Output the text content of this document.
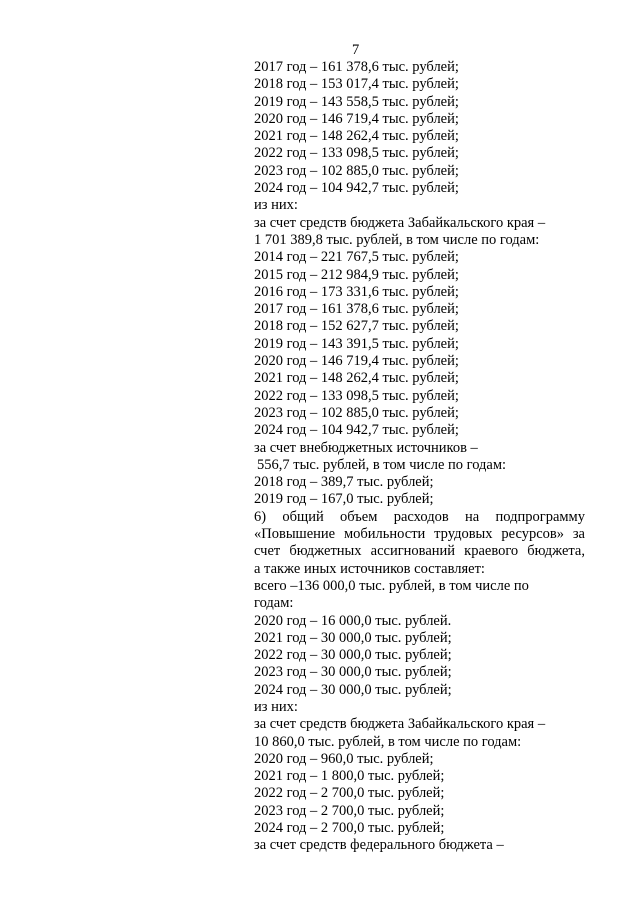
7
2017 год – 161 378,6 тыс. рублей;
2018 год – 153 017,4 тыс. рублей;
2019 год – 143 558,5 тыс. рублей;
2020 год – 146 719,4 тыс. рублей;
2021 год – 148 262,4 тыс. рублей;
2022 год – 133 098,5 тыс. рублей;
2023 год – 102 885,0 тыс. рублей;
2024 год – 104 942,7 тыс. рублей;
из них:
за счет средств бюджета Забайкальского края –
1 701 389,8 тыс. рублей, в том числе по годам:
2014 год – 221 767,5 тыс. рублей;
2015 год – 212 984,9 тыс. рублей;
2016 год – 173 331,6 тыс. рублей;
2017 год – 161 378,6 тыс. рублей;
2018 год – 152 627,7 тыс. рублей;
2019 год – 143 391,5 тыс. рублей;
2020 год – 146 719,4 тыс. рублей;
2021 год – 148 262,4 тыс. рублей;
2022 год – 133 098,5 тыс. рублей;
2023 год – 102 885,0 тыс. рублей;
2024 год – 104 942,7 тыс. рублей;
за счет внебюджетных источников –
556,7 тыс. рублей, в том числе по годам:
2018 год – 389,7 тыс. рублей;
2019 год – 167,0 тыс. рублей;
6) общий объем расходов на подпрограмму
«Повышение мобильности трудовых ресурсов» за
счет бюджетных ассигнований краевого бюджета,
а также иных источников составляет:
всего –136 000,0 тыс. рублей, в том числе по
годам:
2020 год – 16 000,0 тыс. рублей.
2021 год – 30 000,0 тыс. рублей;
2022 год – 30 000,0 тыс. рублей;
2023 год – 30 000,0 тыс. рублей;
2024 год – 30 000,0 тыс. рублей;
из них:
за счет средств бюджета Забайкальского края –
10 860,0 тыс. рублей, в том числе по годам:
2020 год – 960,0 тыс. рублей;
2021 год – 1 800,0 тыс. рублей;
2022 год – 2 700,0 тыс. рублей;
2023 год – 2 700,0 тыс. рублей;
2024 год – 2 700,0 тыс. рублей;
за счет средств федерального бюджета –
